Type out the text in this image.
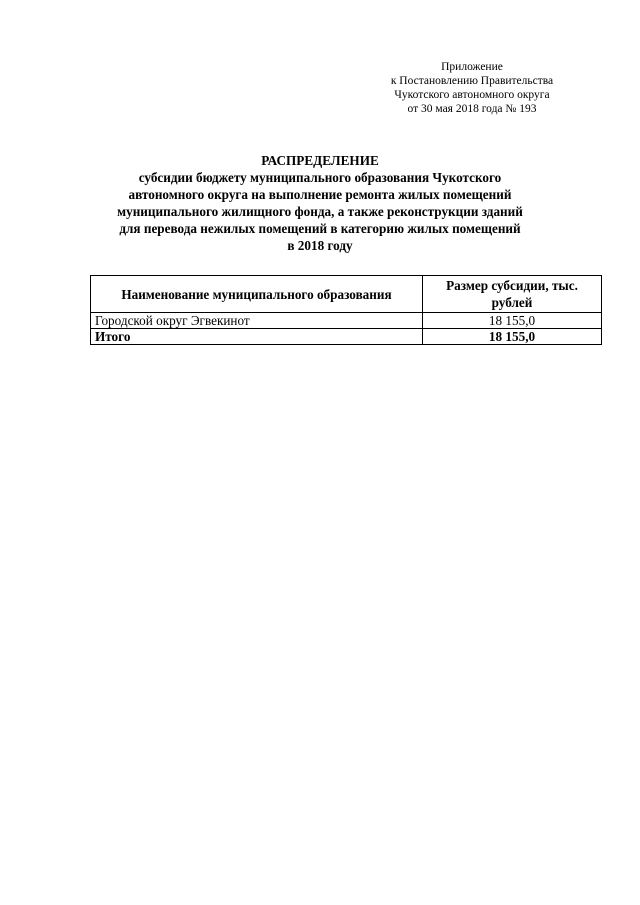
Приложение
к Постановлению Правительства
Чукотского автономного округа
от 30 мая 2018 года № 193
РАСПРЕДЕЛЕНИЕ
субсидии бюджету муниципального образования Чукотского
автономного округа на выполнение ремонта жилых помещений
муниципального жилищного фонда, а также реконструкции зданий
для перевода нежилых помещений в категорию жилых помещений
в 2018 году
Наименование муниципального образования	Размер субсидии, тыс. рублей
Городской округ Эгвекинот	18 155,0
Итого	18 155,0
